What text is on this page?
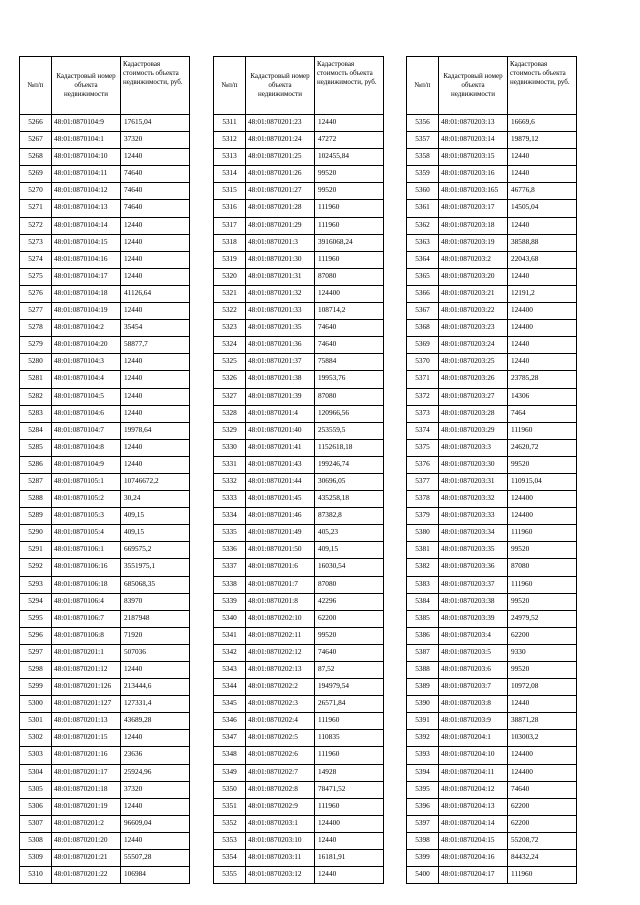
№п/п	Кадастровый номер объекта недвижимости	Кадастровая стоимость объекта недвижимости, руб.
5266	48:01:0870104:9	17615,04
5267	48:01:0870104:1	37320
5268	48:01:0870104:10	12440
5269	48:01:0870104:11	74640
5270	48:01:0870104:12	74640
5271	48:01:0870104:13	74640
5272	48:01:0870104:14	12440
5273	48:01:0870104:15	12440
5274	48:01:0870104:16	12440
5275	48:01:0870104:17	12440
5276	48:01:0870104:18	41126,64
5277	48:01:0870104:19	12440
5278	48:01:0870104:2	35454
5279	48:01:0870104:20	58877,7
5280	48:01:0870104:3	12440
5281	48:01:0870104:4	12440
5282	48:01:0870104:5	12440
5283	48:01:0870104:6	12440
5284	48:01:0870104:7	19978,64
5285	48:01:0870104:8	12440
5286	48:01:0870104:9	12440
5287	48:01:0870105:1	10746672,2
5288	48:01:0870105:2	30,24
5289	48:01:0870105:3	409,15
5290	48:01:0870105:4	409,15
5291	48:01:0870106:1	669575,2
5292	48:01:0870106:16	3551975,1
5293	48:01:0870106:18	685068,35
5294	48:01:0870106:4	83970
5295	48:01:0870106:7	2187948
5296	48:01:0870106:8	71920
5297	48:01:0870201:1	507036
5298	48:01:0870201:12	12440
5299	48:01:0870201:126	213444,6
5300	48:01:0870201:127	127331,4
5301	48:01:0870201:13	43689,28
5302	48:01:0870201:15	12440
5303	48:01:0870201:16	23636
5304	48:01:0870201:17	25924,96
5305	48:01:0870201:18	37320
5306	48:01:0870201:19	12440
5307	48:01:0870201:2	96609,04
5308	48:01:0870201:20	12440
5309	48:01:0870201:21	55507,28
5310	48:01:0870201:22	106984
№п/п	Кадастровый номер объекта недвижимости	Кадастровая стоимость объекта недвижимости, руб.
5311	48:01:0870201:23	12440
5312	48:01:0870201:24	47272
5313	48:01:0870201:25	102455,84
5314	48:01:0870201:26	99520
5315	48:01:0870201:27	99520
5316	48:01:0870201:28	111960
5317	48:01:0870201:29	111960
5318	48:01:0870201:3	3916068,24
5319	48:01:0870201:30	111960
5320	48:01:0870201:31	87080
5321	48:01:0870201:32	124400
5322	48:01:0870201:33	108714,2
5323	48:01:0870201:35	74640
5324	48:01:0870201:36	74640
5325	48:01:0870201:37	75884
5326	48:01:0870201:38	19953,76
5327	48:01:0870201:39	87080
5328	48:01:0870201:4	120966,56
5329	48:01:0870201:40	253559,5
5330	48:01:0870201:41	1152618,18
5331	48:01:0870201:43	199246,74
5332	48:01:0870201:44	30696,05
5333	48:01:0870201:45	435258,18
5334	48:01:0870201:46	87382,8
5335	48:01:0870201:49	405,23
5336	48:01:0870201:50	409,15
5337	48:01:0870201:6	16030,54
5338	48:01:0870201:7	87080
5339	48:01:0870201:8	42296
5340	48:01:0870202:10	62200
5341	48:01:0870202:11	99520
5342	48:01:0870202:12	74640
5343	48:01:0870202:13	87,52
5344	48:01:0870202:2	194979,54
5345	48:01:0870202:3	26571,84
5346	48:01:0870202:4	111960
5347	48:01:0870202:5	110835
5348	48:01:0870202:6	111960
5349	48:01:0870202:7	14928
5350	48:01:0870202:8	78471,52
5351	48:01:0870202:9	111960
5352	48:01:0870203:1	124400
5353	48:01:0870203:10	12440
5354	48:01:0870203:11	16181,91
5355	48:01:0870203:12	12440
№п/п	Кадастровый номер объекта недвижимости	Кадастровая стоимость объекта недвижимости, руб.
5356	48:01:0870203:13	16669,6
5357	48:01:0870203:14	19879,12
5358	48:01:0870203:15	12440
5359	48:01:0870203:16	12440
5360	48:01:0870203:165	46776,8
5361	48:01:0870203:17	14505,04
5362	48:01:0870203:18	12440
5363	48:01:0870203:19	38588,88
5364	48:01:0870203:2	22043,68
5365	48:01:0870203:20	12440
5366	48:01:0870203:21	12191,2
5367	48:01:0870203:22	124400
5368	48:01:0870203:23	124400
5369	48:01:0870203:24	12440
5370	48:01:0870203:25	12440
5371	48:01:0870203:26	23785,28
5372	48:01:0870203:27	14306
5373	48:01:0870203:28	7464
5374	48:01:0870203:29	111960
5375	48:01:0870203:3	24620,72
5376	48:01:0870203:30	99520
5377	48:01:0870203:31	110915,04
5378	48:01:0870203:32	124400
5379	48:01:0870203:33	124400
5380	48:01:0870203:34	111960
5381	48:01:0870203:35	99520
5382	48:01:0870203:36	87080
5383	48:01:0870203:37	111960
5384	48:01:0870203:38	99520
5385	48:01:0870203:39	24979,52
5386	48:01:0870203:4	62200
5387	48:01:0870203:5	9330
5388	48:01:0870203:6	99520
5389	48:01:0870203:7	10972,08
5390	48:01:0870203:8	12440
5391	48:01:0870203:9	38871,28
5392	48:01:0870204:1	103003,2
5393	48:01:0870204:10	124400
5394	48:01:0870204:11	124400
5395	48:01:0870204:12	74640
5396	48:01:0870204:13	62200
5397	48:01:0870204:14	62200
5398	48:01:0870204:15	55208,72
5399	48:01:0870204:16	84432,24
5400	48:01:0870204:17	111960
